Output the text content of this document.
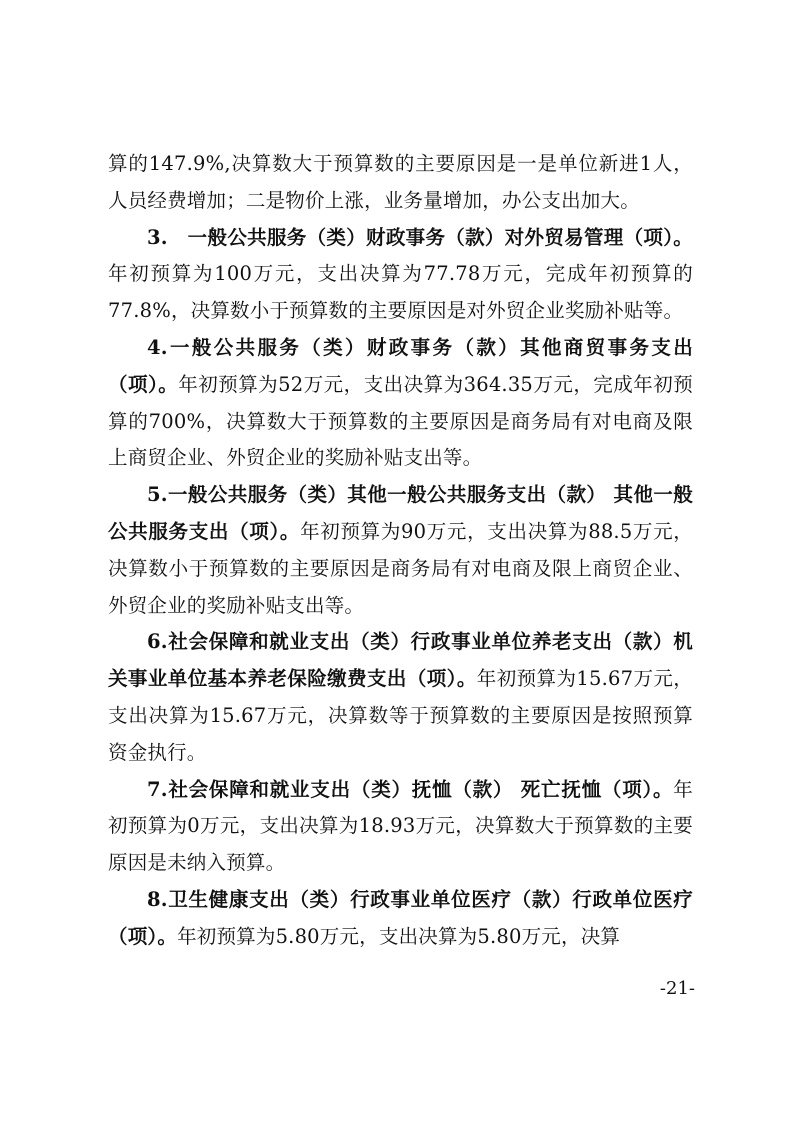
算的147.9%,决算数大于预算数的主要原因是一是单位新进1人，人员经费增加；二是物价上涨，业务量增加，办公支出加大。

3.　一般公共服务（类）财政事务（款）对外贸易管理（项）。年初预算为100万元，支出决算为77.78万元，完成年初预算的77.8%，决算数小于预算数的主要原因是对外贸企业奖励补贴等。

4.一般公共服务（类）财政事务（款）其他商贸事务支出（项）。年初预算为52万元，支出决算为364.35万元，完成年初预算的700%，决算数大于预算数的主要原因是商务局有对电商及限上商贸企业、外贸企业的奖励补贴支出等。

5.一般公共服务（类）其他一般公共服务支出（款） 其他一般公共服务支出（项）。年初预算为90万元，支出决算为88.5万元，决算数小于预算数的主要原因是商务局有对电商及限上商贸企业、外贸企业的奖励补贴支出等。

6.社会保障和就业支出（类）行政事业单位养老支出（款）机关事业单位基本养老保险缴费支出（项）。年初预算为15.67万元，支出决算为15.67万元，决算数等于预算数的主要原因是按照预算资金执行。

7.社会保障和就业支出（类）抚恤（款） 死亡抚恤（项）。年初预算为0万元，支出决算为18.93万元，决算数大于预算数的主要原因是未纳入预算。

8.卫生健康支出（类）行政事业单位医疗（款）行政单位医疗（项）。年初预算为5.80万元，支出决算为5.80万元，决算

-21-
